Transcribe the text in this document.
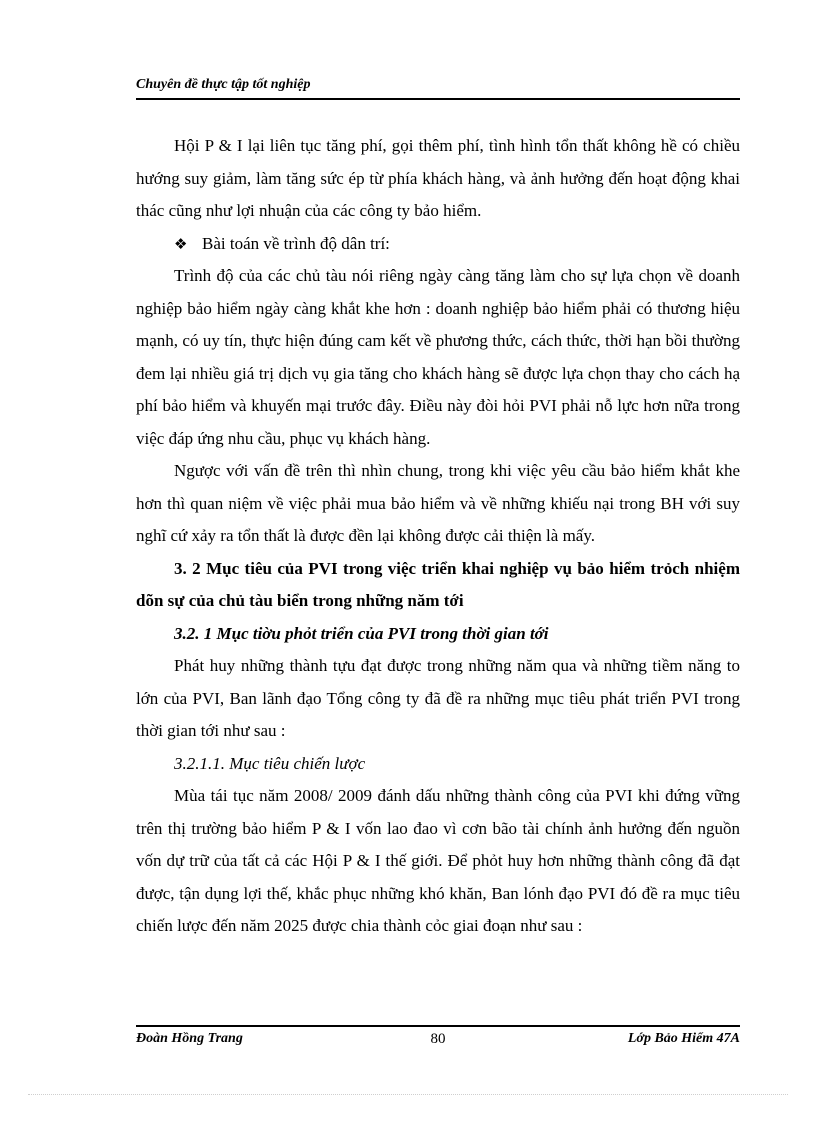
Chuyên đề thực tập tốt nghiệp

Hội P & I lại liên tục tăng phí, gọi thêm phí, tình hình tổn thất không hề có chiều hướng suy giảm, làm tăng sức ép từ phía khách hàng, và ảnh hưởng đến hoạt động khai thác cũng như lợi nhuận của các công ty bảo hiểm.

❖ Bài toán về trình độ dân trí:

Trình độ của các chủ tàu nói riêng ngày càng tăng làm cho sự lựa chọn về doanh nghiệp bảo hiểm ngày càng khắt khe hơn : doanh nghiệp bảo hiểm phải có thương hiệu mạnh, có uy tín, thực hiện đúng cam kết về phương thức, cách thức, thời hạn bồi thường đem lại nhiều giá trị dịch vụ gia tăng cho khách hàng sẽ được lựa chọn thay cho cách hạ phí bảo hiểm và khuyến mại trước đây. Điều này đòi hỏi PVI phải nỗ lực hơn nữa trong việc đáp ứng nhu cầu, phục vụ khách hàng.

Ngược với vấn đề trên thì nhìn chung, trong khi việc yêu cầu bảo hiểm khắt khe hơn thì quan niệm về việc phải mua bảo hiểm và về những khiếu nại trong BH với suy nghĩ cứ xảy ra tổn thất là được đền lại không được cải thiện là mấy.

3. 2 Mục tiêu của PVI trong việc triển khai nghiệp vụ bảo hiểm trỏch nhiệm dõn sự của chủ tàu biển trong những năm tới

3.2. 1 Mục tiờu phỏt triển của PVI trong thời gian tới

Phát huy những thành tựu đạt được trong những năm qua và những tiềm năng to lớn của PVI, Ban lãnh đạo Tổng công ty đã đề ra những mục tiêu phát triển PVI trong thời gian tới như sau :

3.2.1.1. Mục tiêu chiến lược

Mùa tái tục năm 2008/ 2009 đánh dấu những thành công của PVI khi đứng vững trên thị trường bảo hiểm P & I vốn lao đao vì cơn bão tài chính ảnh hưởng đến nguồn vốn dự trữ của tất cả các Hội P & I thế giới. Để phỏt huy hơn những thành công đã đạt được, tận dụng lợi thế, khắc phục những khó khăn, Ban lónh đạo PVI đó đề ra mục tiêu chiến lược đến năm 2025 được chia thành cỏc giai đoạn như sau :

Đoàn Hồng Trang	80	Lớp Bảo Hiểm 47A
